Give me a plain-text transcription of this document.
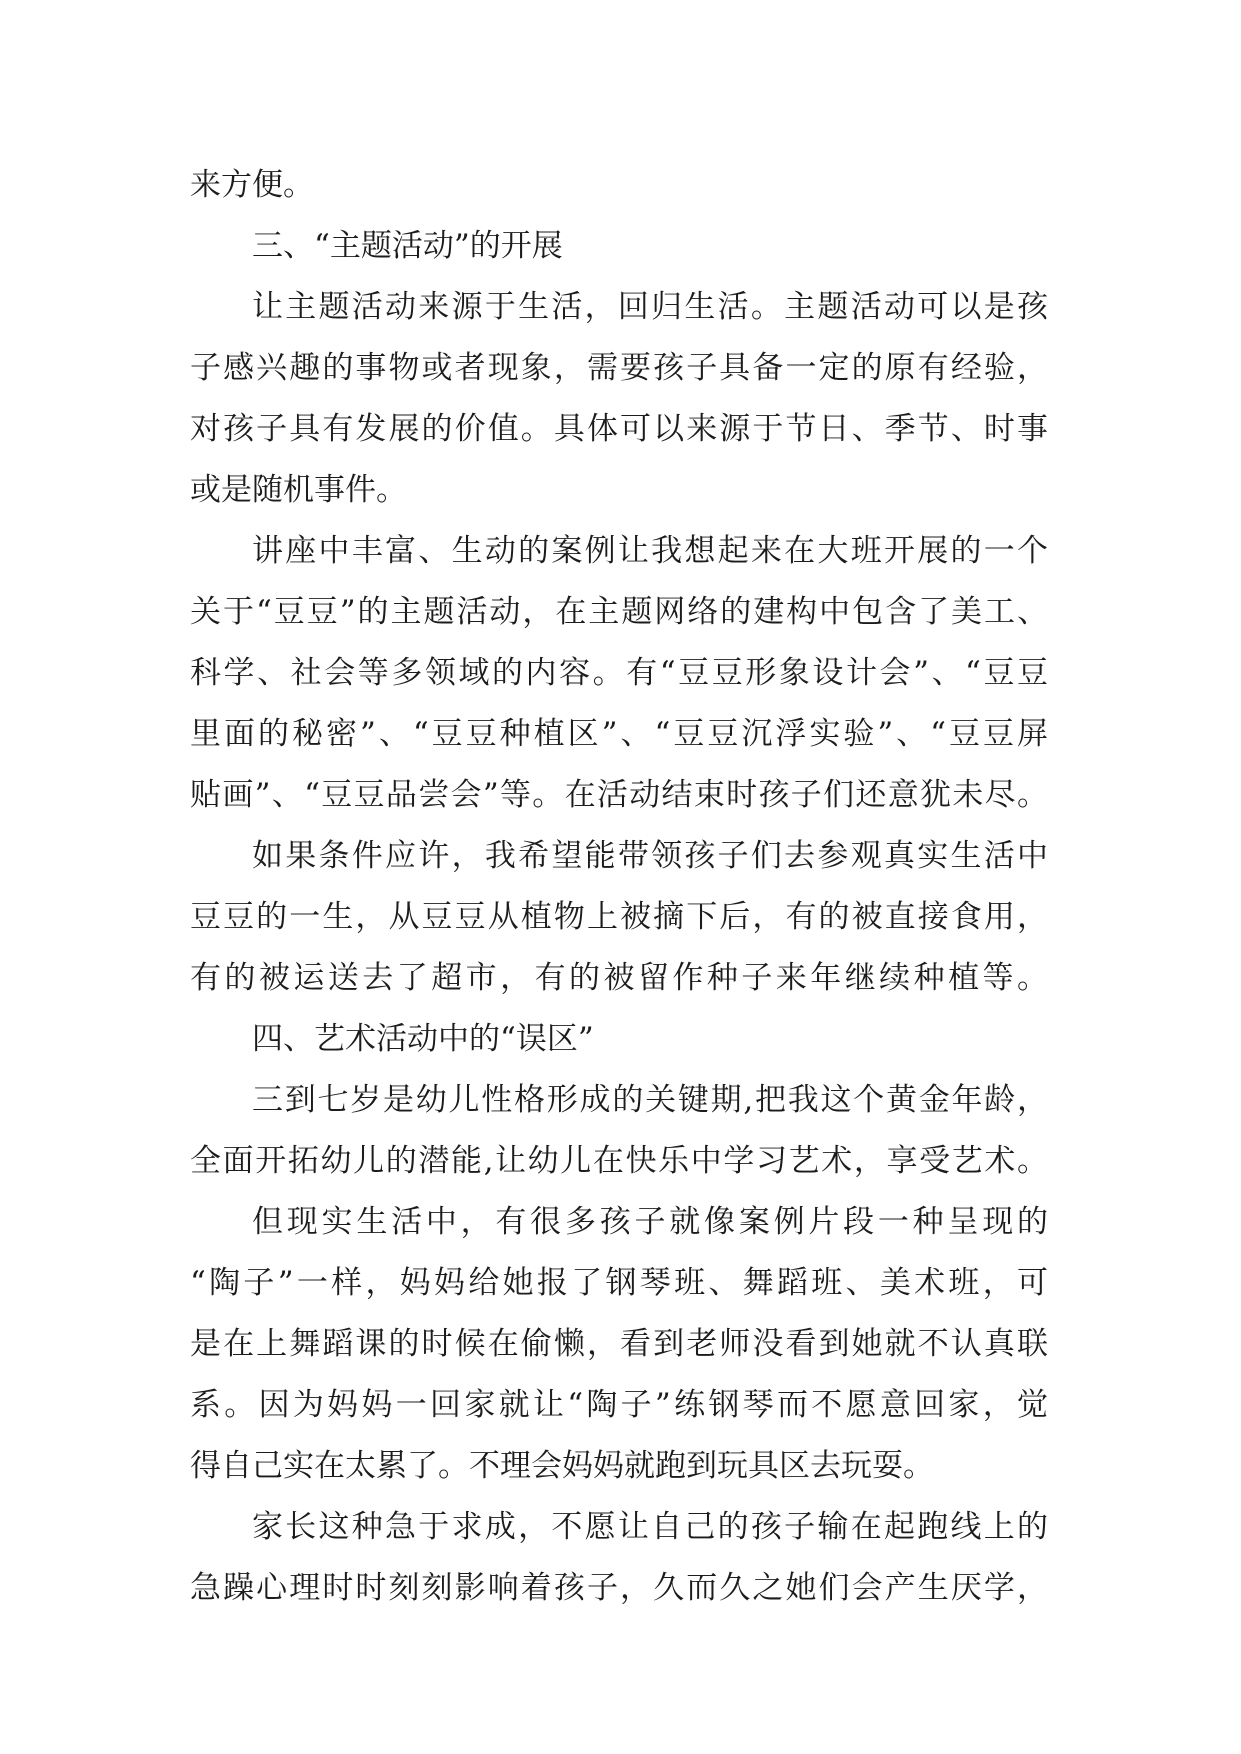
来方便。
三、“主题活动”的开展
让主题活动来源于生活，回归生活。主题活动可以是孩
子感兴趣的事物或者现象，需要孩子具备一定的原有经验，
对孩子具有发展的价值。具体可以来源于节日、季节、时事
或是随机事件。
讲座中丰富、生动的案例让我想起来在大班开展的一个
关于“豆豆”的主题活动，在主题网络的建构中包含了美工、
科学、社会等多领域的内容。有“豆豆形象设计会”、“豆豆
里面的秘密”、“豆豆种植区”、“豆豆沉浮实验”、“豆豆屏
贴画”、“豆豆品尝会”等。在活动结束时孩子们还意犹未尽。
如果条件应许，我希望能带领孩子们去参观真实生活中
豆豆的一生，从豆豆从植物上被摘下后，有的被直接食用，
有的被运送去了超市，有的被留作种子来年继续种植等。
四、艺术活动中的“误区”
三到七岁是幼儿性格形成的关键期,把我这个黄金年龄，
全面开拓幼儿的潜能,让幼儿在快乐中学习艺术，享受艺术。
但现实生活中，有很多孩子就像案例片段一种呈现的
“陶子”一样，妈妈给她报了钢琴班、舞蹈班、美术班，可
是在上舞蹈课的时候在偷懒，看到老师没看到她就不认真联
系。因为妈妈一回家就让“陶子”练钢琴而不愿意回家，觉
得自己实在太累了。不理会妈妈就跑到玩具区去玩耍。
家长这种急于求成，不愿让自己的孩子输在起跑线上的
急躁心理时时刻刻影响着孩子，久而久之她们会产生厌学，
